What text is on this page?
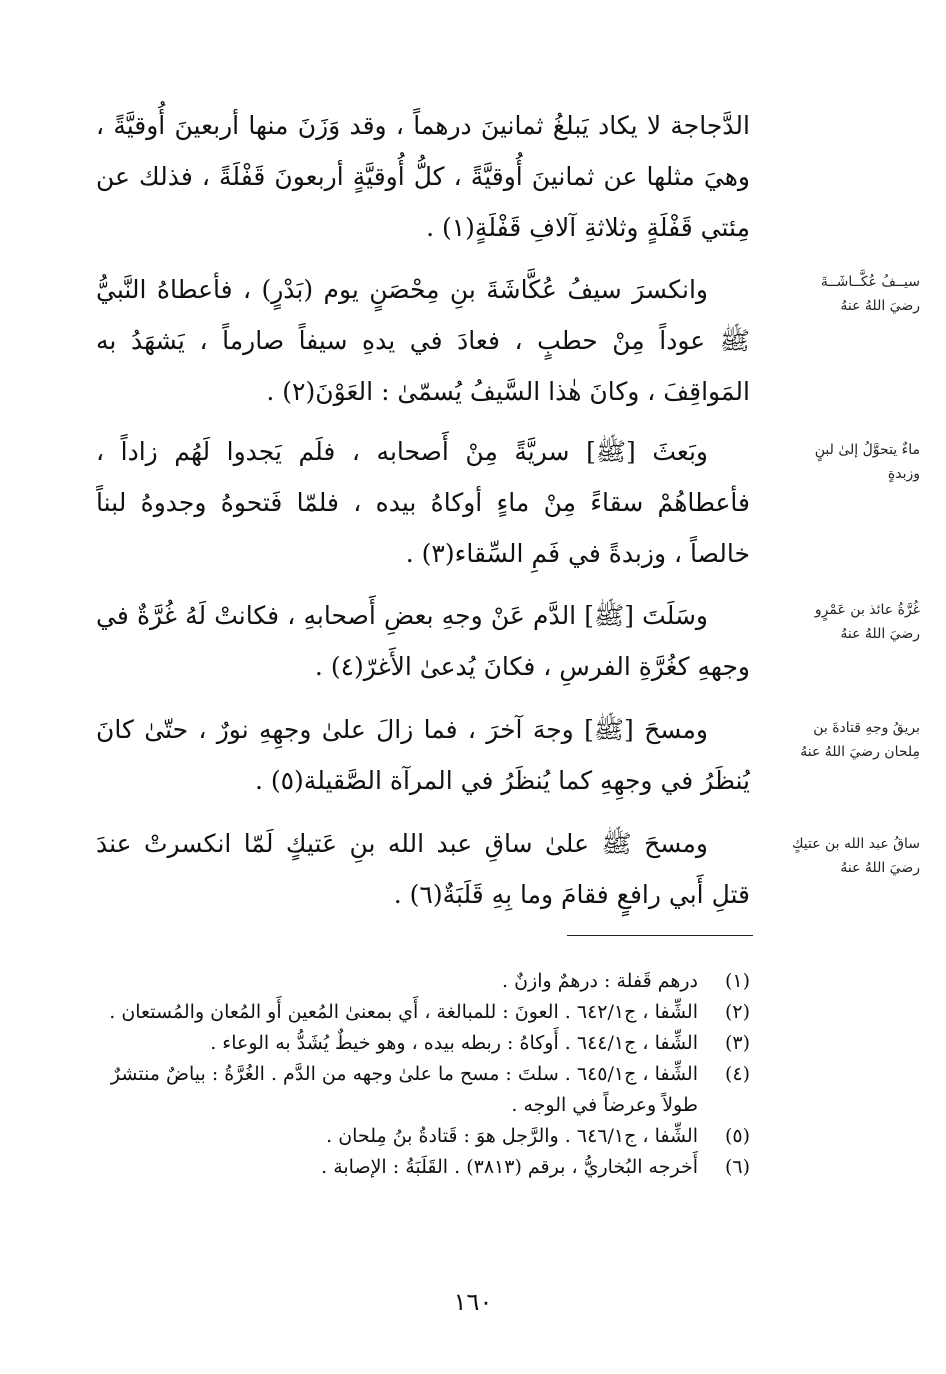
الدَّجاجة لا يكاد يَبلغُ ثمانينَ درهماً ، وقد وَزَنَ منها أربعينَ أُوقيَّةً ، وهيَ مثلها عن ثمانينَ أُوقيَّةً ، كلُّ أُوقيَّةٍ أربعونَ قَفْلَةً ، فذلك عن مِئتي قَفْلَةٍ وثلاثةِ آلافِ قَفْلَةٍ(١) .
وانكسرَ سيفُ عُكَّاشَةَ بنِ مِحْصَنٍ يوم (بَدْرٍ) ، فأعطاهُ النَّبيُّ ﷺ عوداً مِنْ حطبٍ ، فعادَ في يدهِ سيفاً صارماً ، يَشهَدُ به المَواقِفَ ، وكانَ هٰذا السَّيفُ يُسمّىٰ : العَوْنَ(٢) .
سيــفُ عُكَّــاشَــةَ
رضيَ اللهُ عنهُ
وبَعثَ [ﷺ] سريَّةً مِنْ أَصحابه ، فلَم يَجدوا لَهُم زاداً ، فأعطاهُمْ سقاءً مِنْ ماءٍ أوكاهُ بيده ، فلمّا فَتحوهُ وجدوهُ لبناً خالصاً ، وزبدةً في فَمِ السِّقاء(٣) .
ماءٌ يتحوَّلُ إلىٰ لبنٍ
وزبدةٍ
وسَلَتَ [ﷺ] الدَّم عَنْ وجهِ بعضِ أَصحابهِ ، فكانتْ لَهُ غُرَّةٌ في وجههِ كغُرَّةِ الفرسِ ، فكانَ يُدعىٰ الأَغرّ(٤) .
غُرَّةُ عائذ بن عَمْرٍو
رضيَ اللهُ عنهُ
ومسحَ [ﷺ] وجهَ آخرَ ، فما زالَ علىٰ وجهِهِ نورٌ ، حتّىٰ كانَ يُنظَرُ في وجهِهِ كما يُنظَرُ في المرآة الصَّقيلة(٥) .
بريقُ وجهِ قتادةَ بن
مِلحان رضيَ اللهُ عنهُ
ومسحَ ﷺ علىٰ ساقِ عبد الله بنِ عَتيكٍ لَمّا انكسرتْ عندَ قتلِ أَبي رافعٍ فقامَ وما بِهِ قَلَبَةٌ(٦) .
ساقُ عبد الله بن عتيكٍ
رضيَ اللهُ عنهُ
(١)
درهم قَفلة : درهمٌ وازنٌ .
(٢)
الشِّفا ، ج٦٤٢/١ . العونَ : للمبالغة ، أَي بمعنىٰ المُعين أَو المُعان والمُستعان .
(٣)
الشِّفا ، ج٦٤٤/١ . أَوكاهُ : ربطه بيده ، وهو خيطٌ يُشَدُّ به الوعاء .
(٤)
الشِّفا ، ج٦٤٥/١ . سلتَ : مسح ما علىٰ وجهه من الدَّم . الغُرَّةُ : بياضٌ منتشرٌ طولاً وعرضاً في الوجه .
(٥)
الشِّفا ، ج٦٤٦/١ . والرَّجل هوَ : قَتادةُ بنُ مِلحان .
(٦)
أَخرجه البُخاريُّ ، برقم (٣٨١٣) . القَلَبَةُ : الإصابة .
١٦٠
